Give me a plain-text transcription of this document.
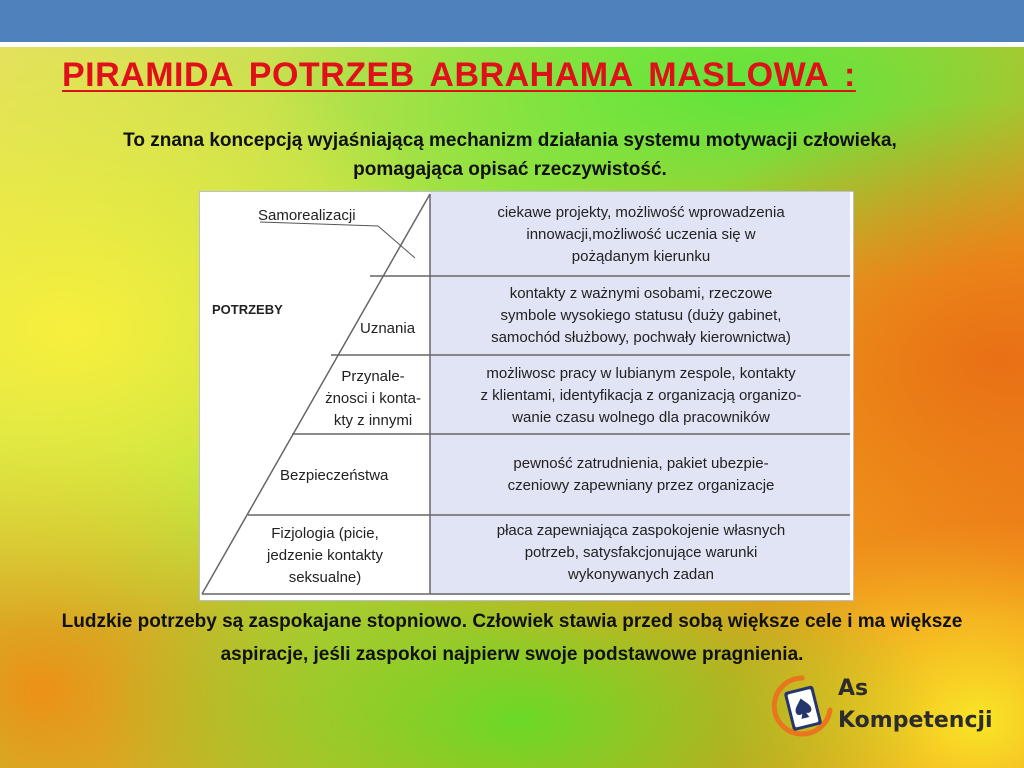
PIRAMIDA POTRZEB ABRAHAMA MASLOWA :

To znana koncepcją wyjaśniającą mechanizm działania systemu motywacji człowieka, pomagająca opisać rzeczywistość.

POTRZEBY
Samorealizacji
Uznania
Przynale-
żnosci i konta-
kty z innymi
Bezpieczeństwa
Fizjologia (picie,
jedzenie kontakty
seksualne)
ciekawe projekty, możliwość wprowadzenia
innowacji,możliwość uczenia się w
pożądanym kierunku
kontakty z ważnymi osobami, rzeczowe
symbole wysokiego statusu (duży gabinet,
samochód służbowy, pochwały kierownictwa)
możliwosc pracy w lubianym zespole, kontakty
z klientami, identyfikacja z organizacją organizo-
wanie czasu wolnego dla pracowników
pewność zatrudnienia, pakiet ubezpie-
czeniowy zapewniany przez organizacje
płaca zapewniająca zaspokojenie własnych
potrzeb, satysfakcjonujące warunki
wykonywanych zadan

Ludzkie potrzeby są zaspokajane stopniowo. Człowiek stawia przed sobą większe cele i ma większe aspiracje, jeśli zaspokoi najpierw swoje podstawowe pragnienia.

As
Kompetencji
